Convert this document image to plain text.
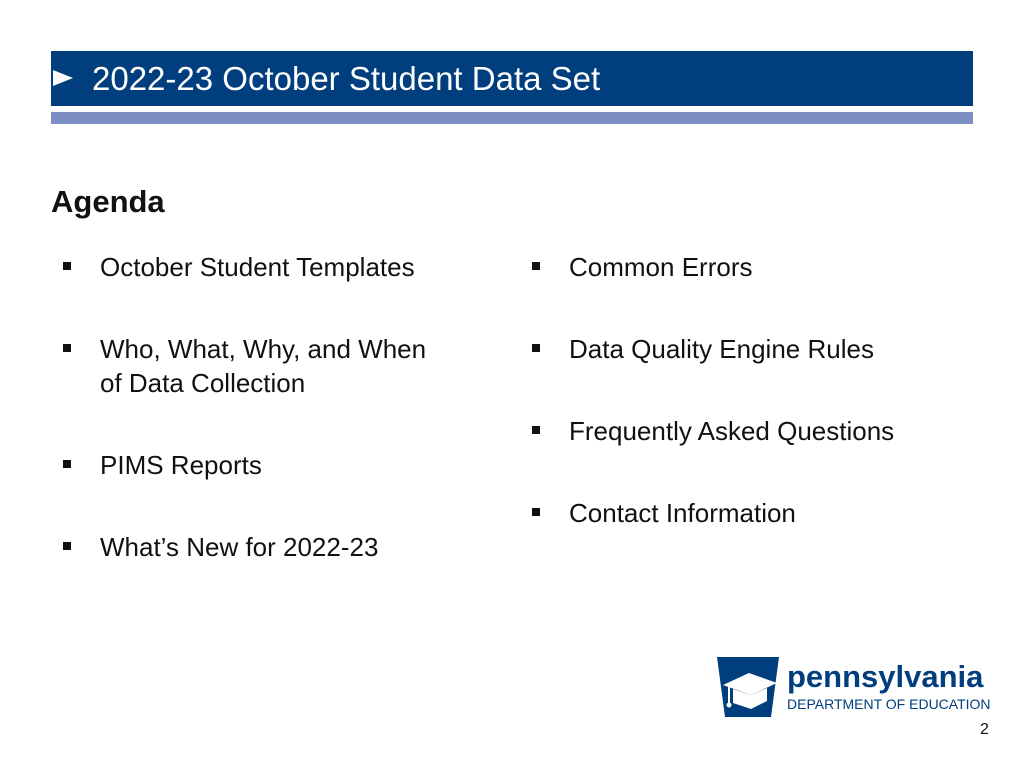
2022-23 October Student Data Set
Agenda
October Student Templates
Who, What, Why, and When
of Data Collection
PIMS Reports
What’s New for 2022-23
Common Errors
Data Quality Engine Rules
Frequently Asked Questions
Contact Information
pennsylvania
DEPARTMENT OF EDUCATION
2
